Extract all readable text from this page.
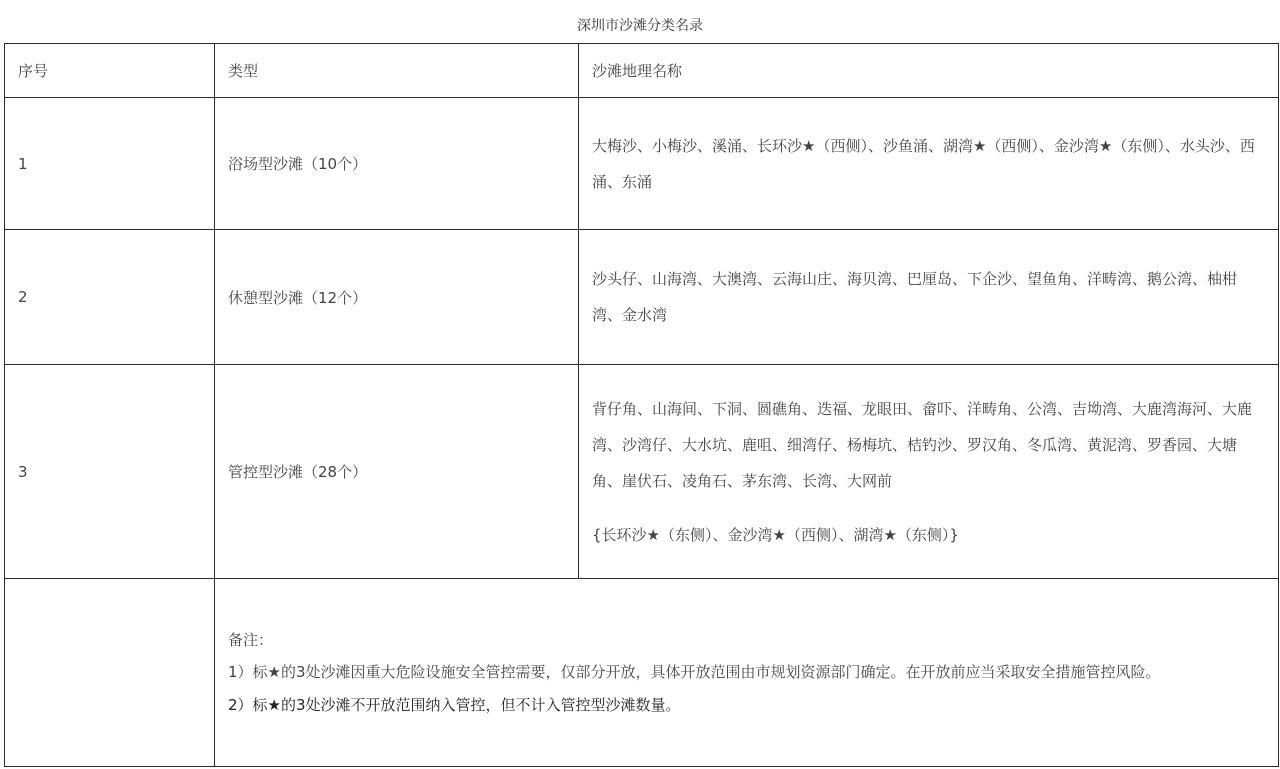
深圳市沙滩分类名录
序号	类型	沙滩地理名称
1	浴场型沙滩（10个）	大梅沙、小梅沙、溪涌、长环沙★（西侧）、沙鱼涌、湖湾★（西侧）、金沙湾★（东侧）、水头沙、西涌、东涌

2	休憩型沙滩（12个）	沙头仔、山海湾、大澳湾、云海山庄、海贝湾、巴厘岛、下企沙、望鱼角、洋畴湾、鹅公湾、柚柑湾、金水湾

3	管控型沙滩（28个）	背仔角、山海间、下洞、圆礁角、迭福、龙眼田、畲吓、洋畴角、公湾、吉坳湾、大鹿湾海河、大鹿湾、沙湾仔、大水坑、鹿咀、细湾仔、杨梅坑、桔钓沙、罗汉角、冬瓜湾、黄泥湾、罗香园、大塘角、崖伏石、凌角石、茅东湾、长湾、大网前
{长环沙★（东侧）、金沙湾★（西侧）、湖湾★（东侧）}

	备注：
1）标★的3处沙滩因重大危险设施安全管控需要，仅部分开放，具体开放范围由市规划资源部门确定。在开放前应当采取安全措施管控风险。
2）标★的3处沙滩不开放范围纳入管控，但不计入管控型沙滩数量。	
